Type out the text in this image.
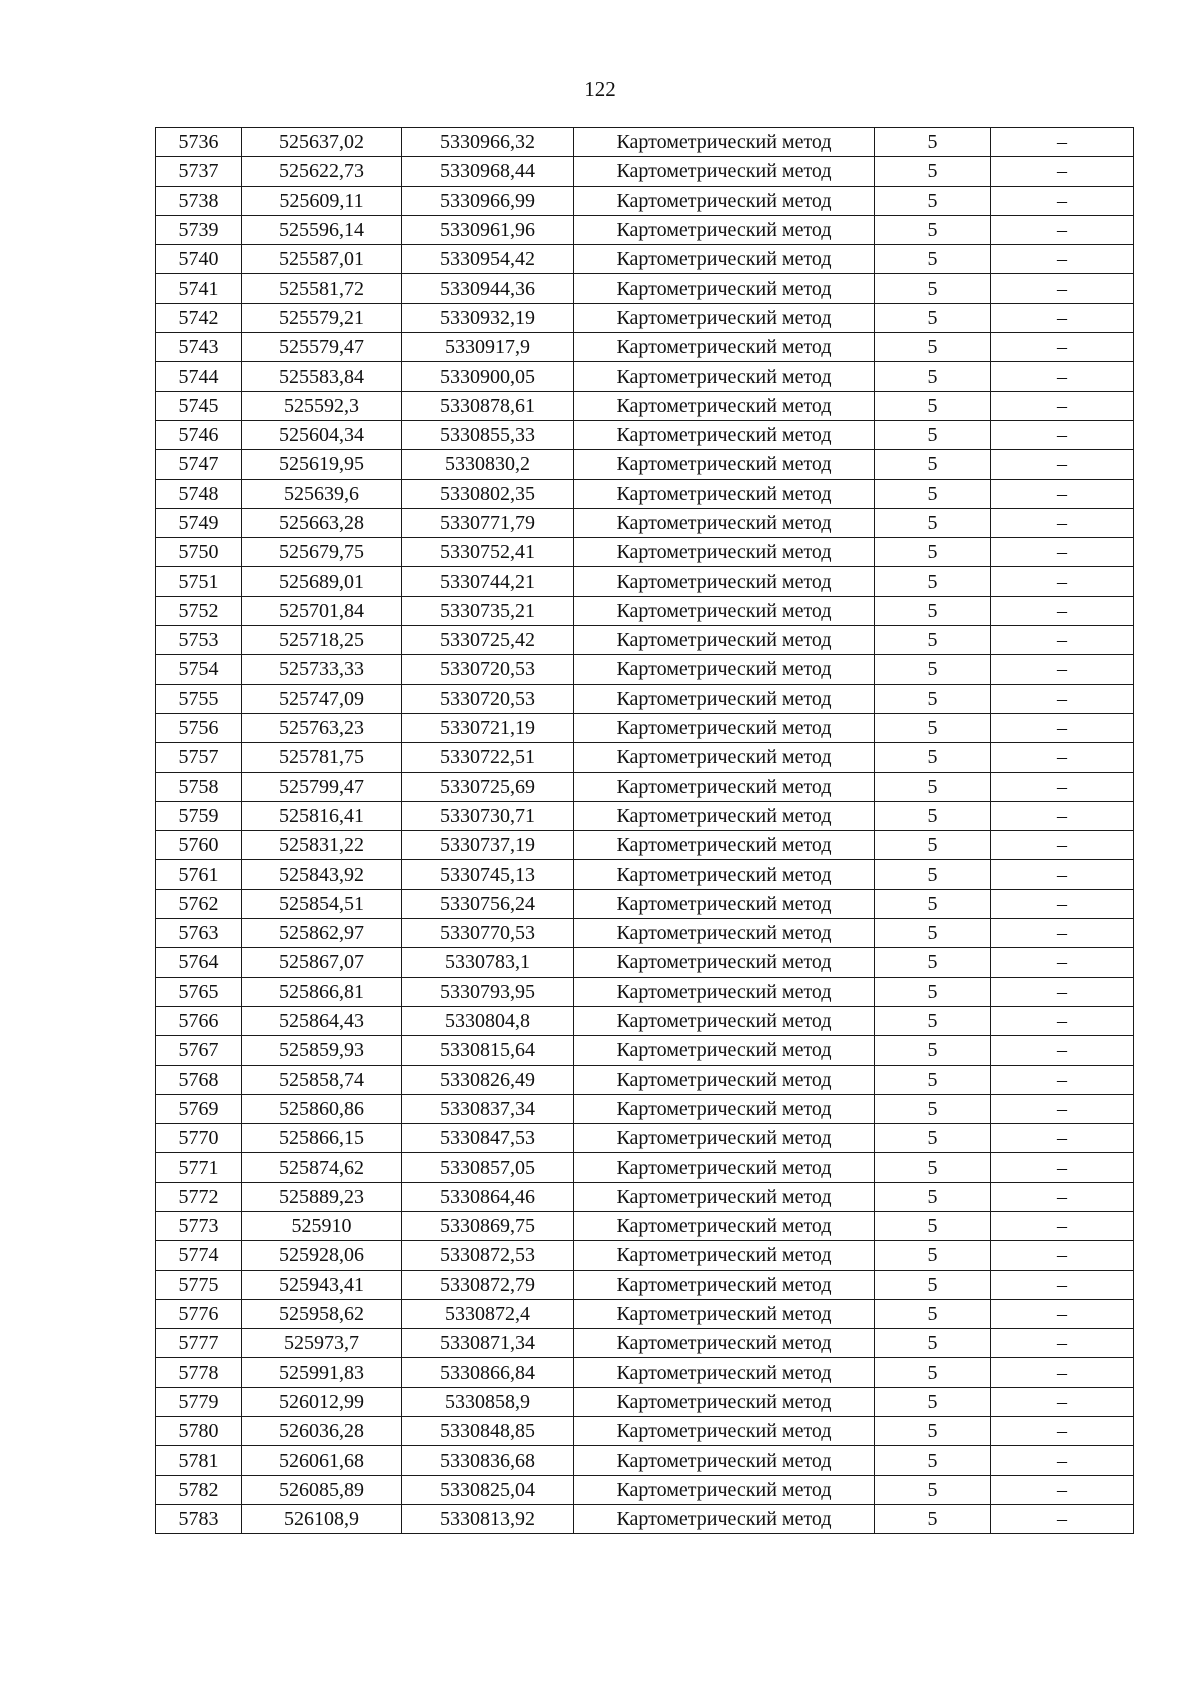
122
5736	525637,02	5330966,32	Картометрический метод	5	–
5737	525622,73	5330968,44	Картометрический метод	5	–
5738	525609,11	5330966,99	Картометрический метод	5	–
5739	525596,14	5330961,96	Картометрический метод	5	–
5740	525587,01	5330954,42	Картометрический метод	5	–
5741	525581,72	5330944,36	Картометрический метод	5	–
5742	525579,21	5330932,19	Картометрический метод	5	–
5743	525579,47	5330917,9	Картометрический метод	5	–
5744	525583,84	5330900,05	Картометрический метод	5	–
5745	525592,3	5330878,61	Картометрический метод	5	–
5746	525604,34	5330855,33	Картометрический метод	5	–
5747	525619,95	5330830,2	Картометрический метод	5	–
5748	525639,6	5330802,35	Картометрический метод	5	–
5749	525663,28	5330771,79	Картометрический метод	5	–
5750	525679,75	5330752,41	Картометрический метод	5	–
5751	525689,01	5330744,21	Картометрический метод	5	–
5752	525701,84	5330735,21	Картометрический метод	5	–
5753	525718,25	5330725,42	Картометрический метод	5	–
5754	525733,33	5330720,53	Картометрический метод	5	–
5755	525747,09	5330720,53	Картометрический метод	5	–
5756	525763,23	5330721,19	Картометрический метод	5	–
5757	525781,75	5330722,51	Картометрический метод	5	–
5758	525799,47	5330725,69	Картометрический метод	5	–
5759	525816,41	5330730,71	Картометрический метод	5	–
5760	525831,22	5330737,19	Картометрический метод	5	–
5761	525843,92	5330745,13	Картометрический метод	5	–
5762	525854,51	5330756,24	Картометрический метод	5	–
5763	525862,97	5330770,53	Картометрический метод	5	–
5764	525867,07	5330783,1	Картометрический метод	5	–
5765	525866,81	5330793,95	Картометрический метод	5	–
5766	525864,43	5330804,8	Картометрический метод	5	–
5767	525859,93	5330815,64	Картометрический метод	5	–
5768	525858,74	5330826,49	Картометрический метод	5	–
5769	525860,86	5330837,34	Картометрический метод	5	–
5770	525866,15	5330847,53	Картометрический метод	5	–
5771	525874,62	5330857,05	Картометрический метод	5	–
5772	525889,23	5330864,46	Картометрический метод	5	–
5773	525910	5330869,75	Картометрический метод	5	–
5774	525928,06	5330872,53	Картометрический метод	5	–
5775	525943,41	5330872,79	Картометрический метод	5	–
5776	525958,62	5330872,4	Картометрический метод	5	–
5777	525973,7	5330871,34	Картометрический метод	5	–
5778	525991,83	5330866,84	Картометрический метод	5	–
5779	526012,99	5330858,9	Картометрический метод	5	–
5780	526036,28	5330848,85	Картометрический метод	5	–
5781	526061,68	5330836,68	Картометрический метод	5	–
5782	526085,89	5330825,04	Картометрический метод	5	–
5783	526108,9	5330813,92	Картометрический метод	5	–
